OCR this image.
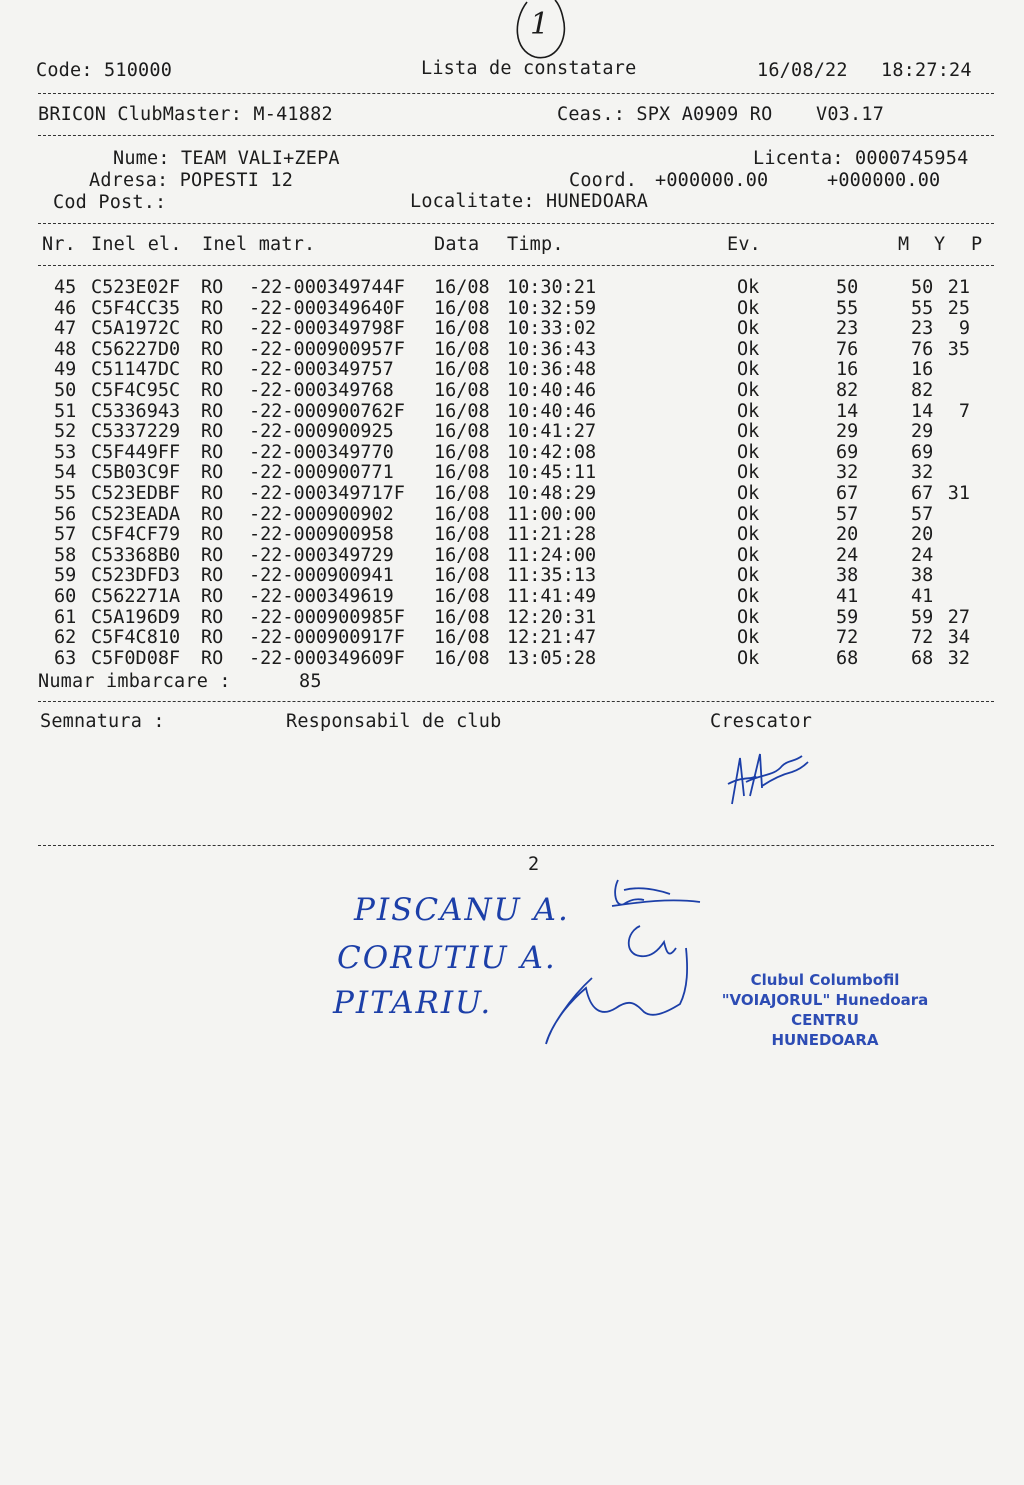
1
Code: 510000	Lista de constatare	16/08/22 18:27:24
BRICON ClubMaster: M-41882	Ceas.: SPX A0909 RO V03.17
Nume: TEAM VALI+ZEPA	Licenta: 0000745954
Adresa: POPESTI 12	Coord. +000000.00	+000000.00
Cod Post.:	Localitate: HUNEDOARA
Nr. Inel el. Inel matr.	Data Timp.	Ev.	M Y P
45 C523E02F RO -22-000349744F 16/08 10:30:21	Ok	50	50 21
46 C5F4CC35 RO -22-000349640F 16/08 10:32:59	Ok	55	55 25
47 C5A1972C RO -22-000349798F 16/08 10:33:02	Ok	23	23 9
48 C56227D0 RO -22-000900957F 16/08 10:36:43	Ok	76	76 35
49 C51147DC RO -22-000349757 16/08 10:36:48	Ok	16	16
50 C5F4C95C RO -22-000349768 16/08 10:40:46	Ok	82	82
51 C5336943 RO -22-000900762F 16/08 10:40:46	Ok	14	14 7
52 C5337229 RO -22-000900925 16/08 10:41:27	Ok	29	29
53 C5F449FF RO -22-000349770 16/08 10:42:08	Ok	69	69
54 C5B03C9F RO -22-000900771 16/08 10:45:11	Ok	32	32
55 C523EDBF RO -22-000349717F 16/08 10:48:29	Ok	67	67 31
56 C523EADA RO -22-000900902 16/08 11:00:00	Ok	57	57
57 C5F4CF79 RO -22-000900958 16/08 11:21:28	Ok	20	20
58 C53368B0 RO -22-000349729 16/08 11:24:00	Ok	24	24
59 C523DFD3 RO -22-000900941 16/08 11:35:13	Ok	38	38
60 C562271A RO -22-000349619 16/08 11:41:49	Ok	41	41
61 C5A196D9 RO -22-000900985F 16/08 12:20:31	Ok	59	59 27
62 C5F4C810 RO -22-000900917F 16/08 12:21:47	Ok	72	72 34
63 C5F0D08F RO -22-000349609F 16/08 13:05:28	Ok	68	68 32
Numar imbarcare :	85
Semnatura :	Responsabil de club	Crescator
2
PISCANU A.
CORUTIU A.
PITARIU.
Clubul Columbofil
"VOIAJORUL" Hunedoara
CENTRU
HUNEDOARA
